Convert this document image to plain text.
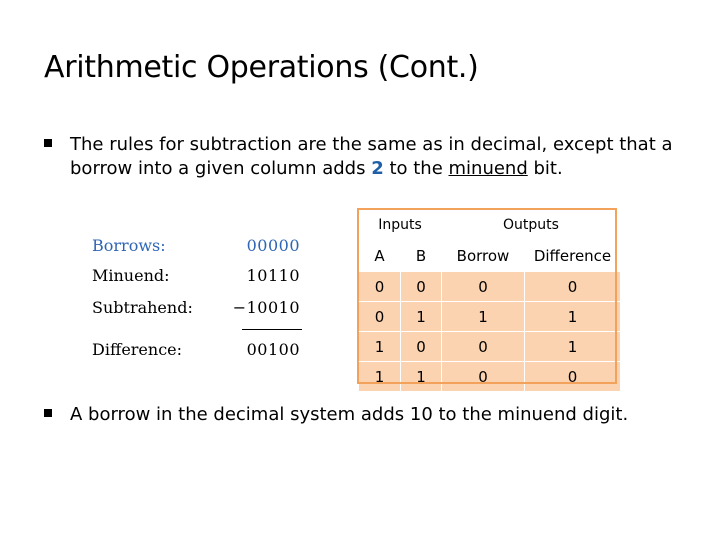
Arithmetic Operations (Cont.)
The rules for subtraction are the same as in decimal, except that a borrow into a given column adds 2 to the minuend bit.
Borrows:	00000
Minuend:	10110
Subtrahend: −10010
Difference:	00100
Inputs		Outputs	
A	B	Borrow	Difference
0	0	0	0
0	1	1	1
1	0	0	1
1	1	0	0
A borrow in the decimal system adds 10 to the minuend digit.
